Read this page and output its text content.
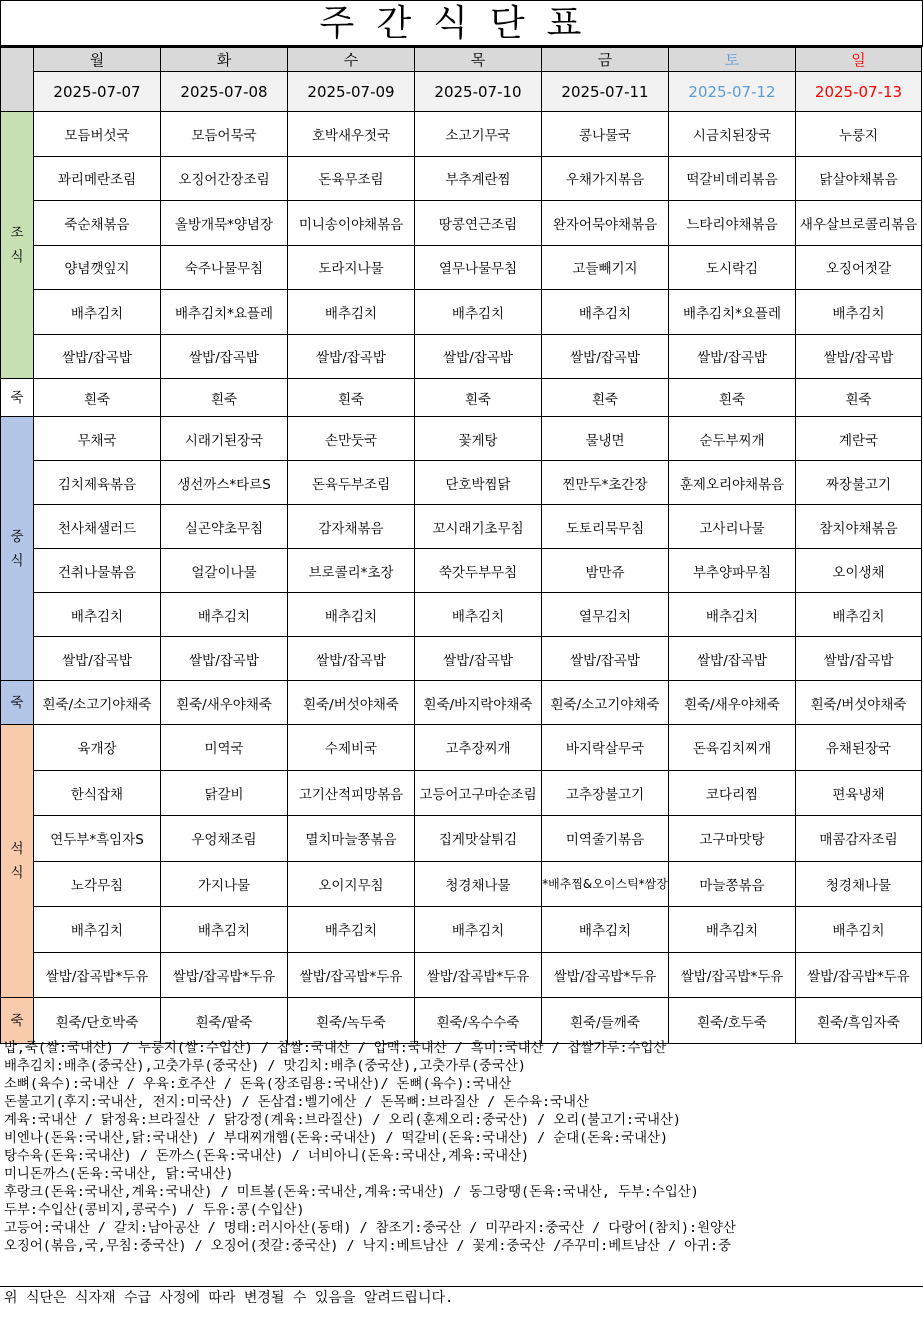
주간식단표
	월	화	수	목	금	토	일
	2025-07-07	2025-07-08	2025-07-09	2025-07-10	2025-07-11	2025-07-12	2025-07-13

조
식	모듬버섯국	모듬어묵국	호박새우젓국	소고기무국	콩나물국	시금치된장국	누룽지
	꽈리메란조림	오징어간장조림	돈육무조림	부추계란찜	우채가지볶음	떡갈비데리볶음	닭살야채볶음
	죽순채볶음	올방개묵*양념장	미니송이야채볶음	땅콩연근조림	완자어묵야채볶음	느타리야채볶음	새우살브로콜리볶음
	양념깻잎지	숙주나물무침	도라지나물	열무나물무침	고들빼기지	도시락김	오징어젓갈
	배추김치	배추김치*요플레	배추김치	배추김치	배추김치	배추김치*요플레	배추김치
	쌀밥/잡곡밥	쌀밥/잡곡밥	쌀밥/잡곡밥	쌀밥/잡곡밥	쌀밥/잡곡밥	쌀밥/잡곡밥	쌀밥/잡곡밥

죽	흰죽	흰죽	흰죽	흰죽	흰죽	흰죽	흰죽

중
식	무채국	시래기된장국	손만둣국	꽃게탕	물냉면	순두부찌개	계란국
	김치제육볶음	생선까스*타르S	돈육두부조림	단호박찜닭	찐만두*초간장	훈제오리야채볶음	짜장불고기
	천사채샐러드	실곤약초무침	감자채볶음	꼬시래기초무침	도토리묵무침	고사리나물	참치야채볶음
	건취나물볶음	얼갈이나물	브로콜리*초장	쑥갓두부무침	밤만쥬	부추양파무침	오이생채
	배추김치	배추김치	배추김치	배추김치	열무김치	배추김치	배추김치
	쌀밥/잡곡밥	쌀밥/잡곡밥	쌀밥/잡곡밥	쌀밥/잡곡밥	쌀밥/잡곡밥	쌀밥/잡곡밥	쌀밥/잡곡밥

죽	흰죽/소고기야채죽	흰죽/새우야채죽	흰죽/버섯야채죽	흰죽/바지락야채죽	흰죽/소고기야채죽	흰죽/새우야채죽	흰죽/버섯야채죽

석
식	육개장	미역국	수제비국	고추장찌개	바지락살무국	돈육김치찌개	유채된장국
	한식잡채	닭갈비	고기산적피망볶음	고등어고구마순조림	고추장불고기	코다리찜	편육냉채
	연두부*흑임자S	우엉채조림	멸치마늘쫑볶음	집게맛살튀김	미역줄기볶음	고구마맛탕	매콤감자조림
	노각무침	가지나물	오이지무침	청경채나물	*배추찜&오이스틱*쌈장	마늘쫑볶음	청경채나물
	배추김치	배추김치	배추김치	배추김치	배추김치	배추김치	배추김치
	쌀밥/잡곡밥*두유	쌀밥/잡곡밥*두유	쌀밥/잡곡밥*두유	쌀밥/잡곡밥*두유	쌀밥/잡곡밥*두유	쌀밥/잡곡밥*두유	쌀밥/잡곡밥*두유

죽	흰죽/단호박죽	흰죽/팥죽	흰죽/녹두죽	흰죽/옥수수죽	흰죽/들깨죽	흰죽/호두죽	흰죽/흑임자죽
밥,죽(쌀:국내산) / 누룽지(쌀:수입산) / 찹쌀:국내산 / 압맥:국내산 / 흑미:국내산 / 찹쌀가루:수입산
배추김치:배추(중국산),고춧가루(중국산) / 맛김치:배추(중국산),고춧가루(중국산)
소뼈(육수):국내산 / 우육:호주산 / 돈육(장조림용:국내산)/ 돈뼈(육수):국내산
돈불고기(후지:국내산, 전지:미국산) / 돈삼겹:벨기에산 / 돈목뼈:브라질산 / 돈수육:국내산
계육:국내산 / 닭정육:브라질산 / 닭강정(계육:브라질산) / 오리(훈제오리:중국산) / 오리(불고기:국내산)
비엔나(돈육:국내산,닭:국내산) / 부대찌개햄(돈육:국내산) / 떡갈비(돈육:국내산) / 순대(돈육:국내산)
탕수육(돈육:국내산) / 돈까스(돈육:국내산) / 너비아니(돈육:국내산,계육:국내산)
미니돈까스(돈육:국내산, 닭:국내산)
후랑크(돈육:국내산,계육:국내산) / 미트볼(돈육:국내산,계육:국내산) / 동그랑땡(돈육:국내산, 두부:수입산)
두부:수입산(콩비지,콩국수) / 두유:콩(수입산)
고등어:국내산 / 갈치:남아공산 / 명태:러시아산(동태) / 참조기:중국산 / 미꾸라지:중국산 / 다랑어(참치):원양산
오징어(볶음,국,무침:중국산) / 오징어(젓갈:중국산) / 낙지:베트남산 / 꽃게:중국산 /주꾸미:베트남산 / 아귀:중
위 식단은 식자재 수급 사정에 따라 변경될 수 있음을 알려드립니다.
